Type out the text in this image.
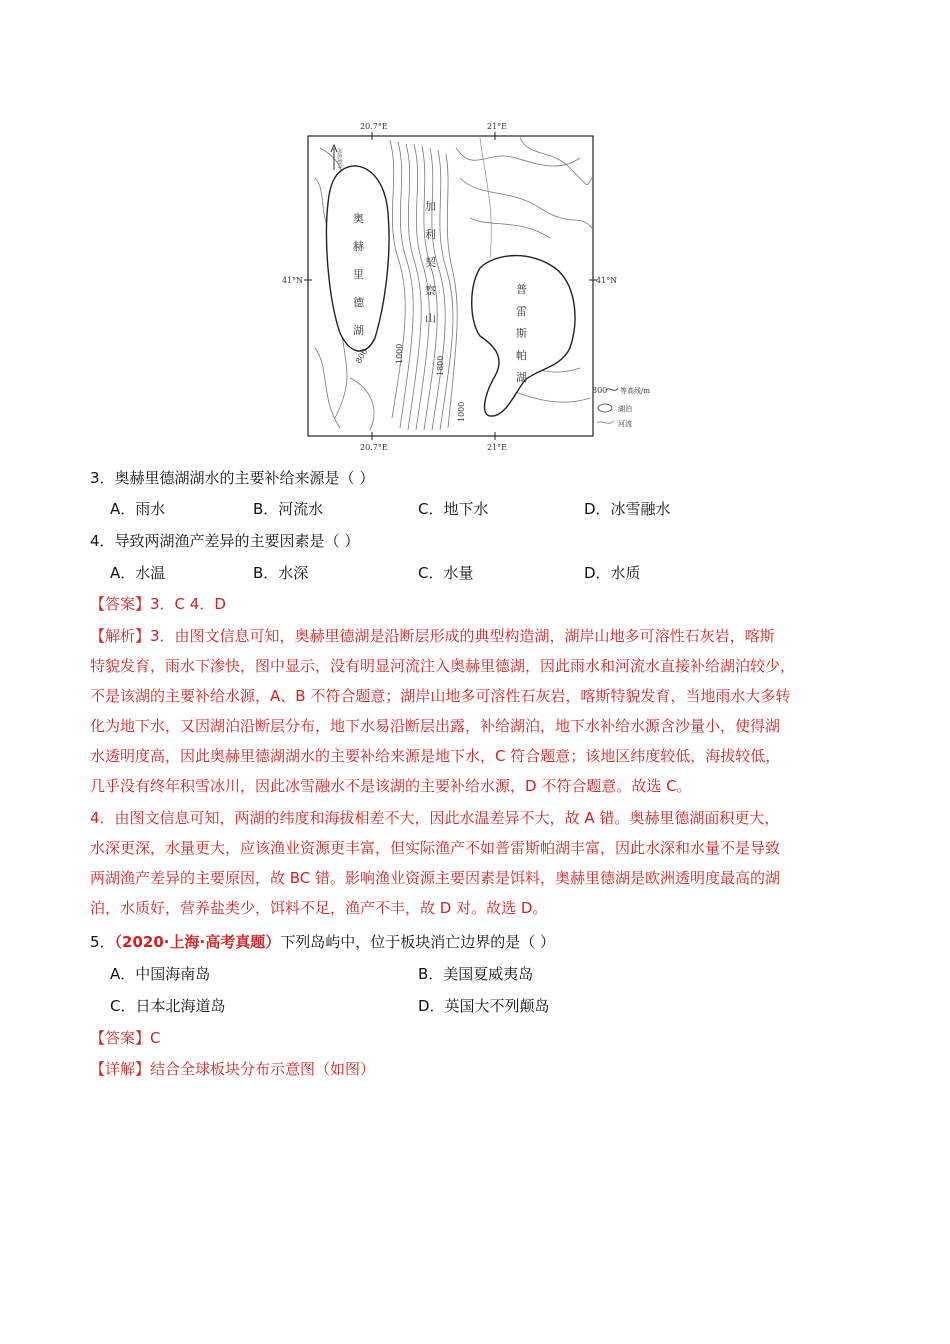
20.7°E	21°E
20.7°E	21°E
41°N	41°N
奥
赫
里
德
湖
普
雷
斯
帕
湖
加
利
契
察
山
河流流向
800	1000
1800
1000
800 等高线/m
湖泊
河流
3．奥赫里德湖湖水的主要补给来源是（ ）
A．雨水	B．河流水	C．地下水	D．冰雪融水
4．导致两湖渔产差异的主要因素是（ ）
A．水温	B．水深	C．水量	D．水质
【答案】3．C 4．D
【解析】3．由图文信息可知，奥赫里德湖是沿断层形成的典型构造湖，湖岸山地多可溶性石灰岩，喀斯
特貌发育，雨水下渗快，图中显示，没有明显河流注入奥赫里德湖，因此雨水和河流水直接补给湖泊较少，
不是该湖的主要补给水源，A、B 不符合题意；湖岸山地多可溶性石灰岩，喀斯特貌发育，当地雨水大多转
化为地下水，又因湖泊沿断层分布，地下水易沿断层出露，补给湖泊，地下水补给水源含沙量小，使得湖
水透明度高，因此奥赫里德湖湖水的主要补给来源是地下水，C 符合题意；该地区纬度较低，海拔较低，
几乎没有终年积雪冰川，因此冰雪融水不是该湖的主要补给水源，D 不符合题意。故选 C。
4．由图文信息可知，两湖的纬度和海拔相差不大，因此水温差异不大，故 A 错。奥赫里德湖面积更大，
水深更深，水量更大，应该渔业资源更丰富，但实际渔产不如普雷斯帕湖丰富，因此水深和水量不是导致
两湖渔产差异的主要原因，故 BC 错。影响渔业资源主要因素是饵料，奥赫里德湖是欧洲透明度最高的湖
泊，水质好，营养盐类少，饵料不足，渔产不丰，故 D 对。故选 D。
5．（2020·上海·高考真题）下列岛屿中，位于板块消亡边界的是（ ）
A．中国海南岛	B．美国夏威夷岛
C．日本北海道岛	D．英国大不列颠岛
【答案】C
【详解】结合全球板块分布示意图（如图）
